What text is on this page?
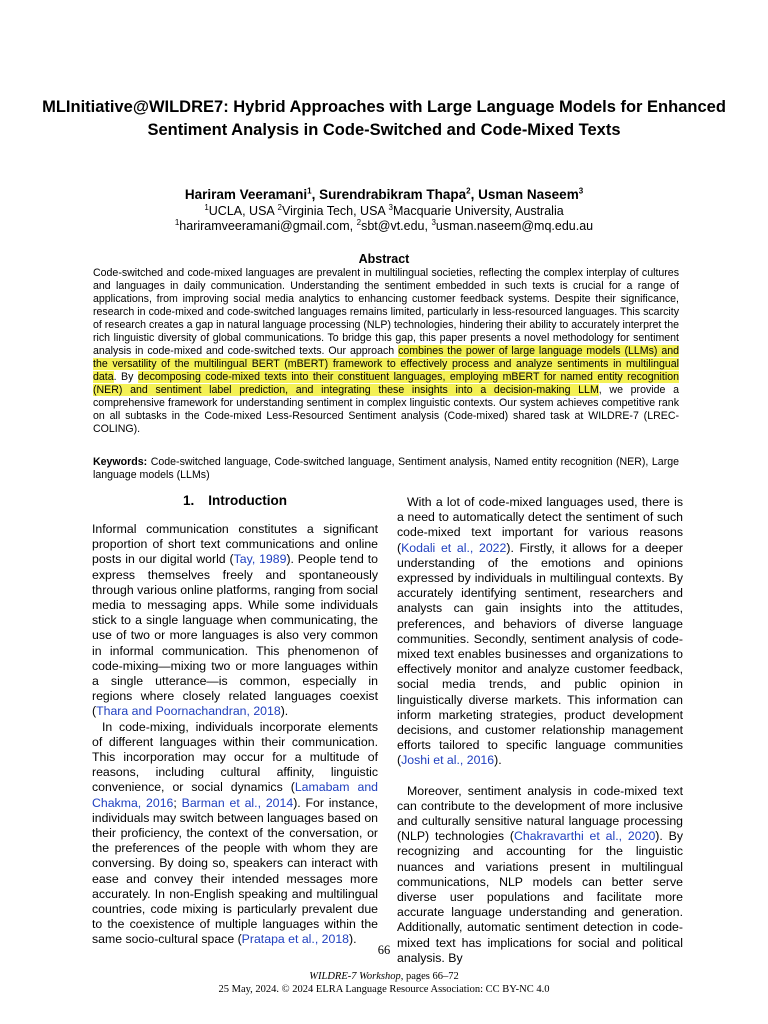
MLInitiative@WILDRE7: Hybrid Approaches with Large Language Models for Enhanced Sentiment Analysis in Code-Switched and Code-Mixed Texts
Hariram Veeramani$^1$, Surendrabikram Thapa$^2$, Usman Naseem$^3$
$^1$UCLA, USA $^2$Virginia Tech, USA $^3$Macquarie University, Australia
$^1$hariramveeramani@gmail.com, $^2$sbt@vt.edu, $^3$usman.naseem@mq.edu.au
Abstract
Code-switched and code-mixed languages are prevalent in multilingual societies, reflecting the complex interplay of cultures and languages in daily communication. Understanding the sentiment embedded in such texts is crucial for a range of applications, from improving social media analytics to enhancing customer feedback systems. Despite their significance, research in code-mixed and code-switched languages remains limited, particularly in less-resourced languages. This scarcity of research creates a gap in natural language processing (NLP) technologies, hindering their ability to accurately interpret the rich linguistic diversity of global communications. To bridge this gap, this paper presents a novel methodology for sentiment analysis in code-mixed and code-switched texts. Our approach combines the power of large language models (LLMs) and the versatility of the multilingual BERT (mBERT) framework to effectively process and analyze sentiments in multilingual data. By decomposing code-mixed texts into their constituent languages, employing mBERT for named entity recognition (NER) and sentiment label prediction, and integrating these insights into a decision-making LLM, we provide a comprehensive framework for understanding sentiment in complex linguistic contexts. Our system achieves competitive rank on all subtasks in the Code-mixed Less-Resourced Sentiment analysis (Code-mixed) shared task at WILDRE-7 (LREC-COLING).
Keywords: Code-switched language, Code-switched language, Sentiment analysis, Named entity recognition (NER), Large language models (LLMs)
1. Introduction

Informal communication constitutes a significant proportion of short text communications and online posts in our digital world (Tay, 1989). People tend to express themselves freely and spontaneously through various online platforms, ranging from social media to messaging apps. While some individuals stick to a single language when communicating, the use of two or more languages is also very common in informal communication. This phenomenon of code-mixing—mixing two or more languages within a single utterance—is common, especially in regions where closely related languages coexist (Thara and Poornachandran, 2018).

In code-mixing, individuals incorporate elements of different languages within their communication. This incorporation may occur for a multitude of reasons, including cultural affinity, linguistic convenience, or social dynamics (Lamabam and Chakma, 2016; Barman et al., 2014). For instance, individuals may switch between languages based on their proficiency, the context of the conversation, or the preferences of the people with whom they are conversing. By doing so, speakers can interact with ease and convey their intended messages more accurately. In non-English speaking and multilingual countries, code mixing is particularly prevalent due to the coexistence of multiple languages within the same socio-cultural space (Pratapa et al., 2018).

With a lot of code-mixed languages used, there is a need to automatically detect the sentiment of such code-mixed text important for various reasons (Kodali et al., 2022). Firstly, it allows for a deeper understanding of the emotions and opinions expressed by individuals in multilingual contexts. By accurately identifying sentiment, researchers and analysts can gain insights into the attitudes, preferences, and behaviors of diverse language communities. Secondly, sentiment analysis of code-mixed text enables businesses and organizations to effectively monitor and analyze customer feedback, social media trends, and public opinion in linguistically diverse markets. This information can inform marketing strategies, product development decisions, and customer relationship management efforts tailored to specific language communities (Joshi et al., 2016).

Moreover, sentiment analysis in code-mixed text can contribute to the development of more inclusive and culturally sensitive natural language processing (NLP) technologies (Chakravarthi et al., 2020). By recognizing and accounting for the linguistic nuances and variations present in multilingual communications, NLP models can better serve diverse user populations and facilitate more accurate language understanding and generation. Additionally, automatic sentiment detection in code-mixed text has implications for social and political analysis. By

66
WILDRE-7 Workshop, pages 66–72
25 May, 2024. © 2024 ELRA Language Resource Association: CC BY-NC 4.0
